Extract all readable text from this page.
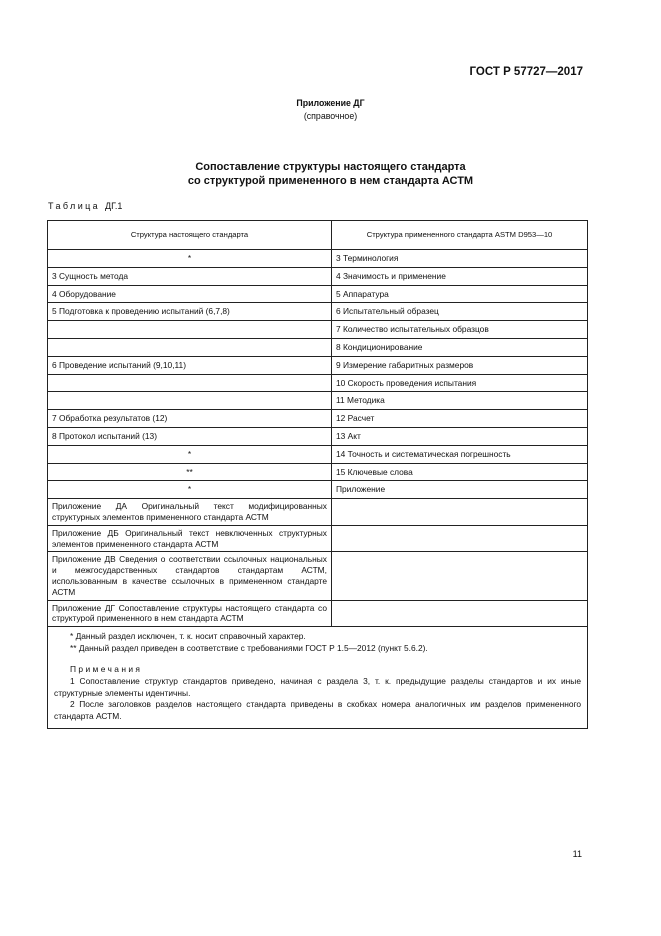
ГОСТ Р 57727—2017
Приложение ДГ
(справочное)
Сопоставление структуры настоящего стандарта
со структурой примененного в нем стандарта АСТМ
Таблица ДГ.1
Структура настоящего стандарта	Структура примененного стандарта ASTM D953—10
*	3 Терминология
3 Сущность метода	4 Значимость и применение
4 Оборудование	5 Аппаратура
5 Подготовка к проведению испытаний (6,7,8)	6 Испытательный образец
	7 Количество испытательных образцов
	8 Кондиционирование
6 Проведение испытаний (9,10,11)	9 Измерение габаритных размеров
	10 Скорость проведения испытания
	11 Методика
7 Обработка результатов (12)	12 Расчет
8 Протокол испытаний (13)	13 Акт
*	14 Точность и систематическая погрешность
**	15 Ключевые слова
*	Приложение
Приложение ДА Оригинальный текст модифицированных структурных элементов примененного стандарта АСТМ	
Приложение ДБ Оригинальный текст невключенных структурных элементов примененного стандарта АСТМ	
Приложение ДВ Сведения о соответствии ссылочных национальных и межгосударственных стандартов стандартам АСТМ, использованным в качестве ссылочных в примененном стандарте АСТМ	
Приложение ДГ Сопоставление структуры настоящего стандарта со структурой примененного в нем стандарта АСТМ	

* Данный раздел исключен, т. к. носит справочный характер.
** Данный раздел приведен в соответствие с требованиями ГОСТ Р 1.5—2012 (пункт 5.6.2).
Примечания
1 Сопоставление структур стандартов приведено, начиная с раздела 3, т. к. предыдущие разделы стандартов и их иные структурные элементы идентичны.
2 После заголовков разделов настоящего стандарта приведены в скобках номера аналогичных им разделов примененного стандарта АСТМ.	
11
